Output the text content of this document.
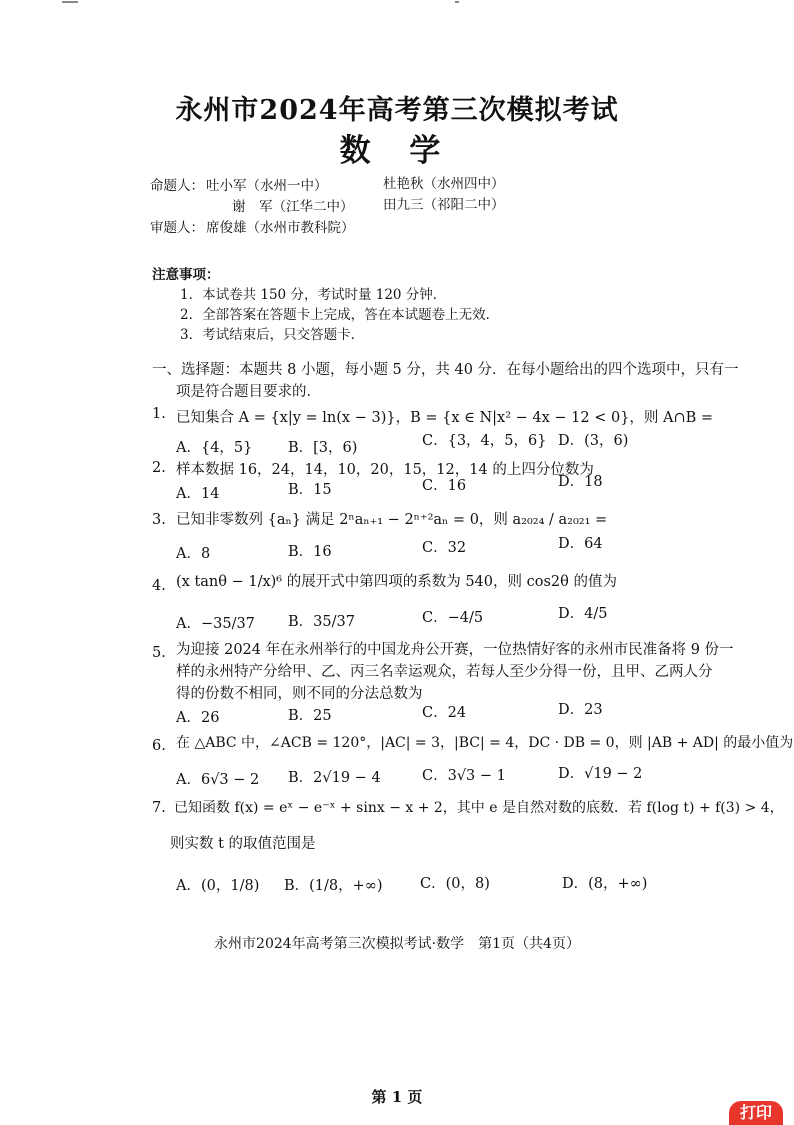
永州市2024年高考第三次模拟考试
数 学
命题人： 吐小军（水州一中）	杜艳秋（水州四中）
谢　军（江华二中） 田九三（祁阳二中）
审题人： 席俊雄（水州市教科院）
注意事项：
1．本试卷共 150 分，考试时量 120 分钟．
2．全部答案在答题卡上完成，答在本试题卷上无效．
3．考试结束后，只交答题卡．
一、选择题：本题共 8 小题，每小题 5 分，共 40 分．在每小题给出的四个选项中，只有一
项是符合题目要求的．
1. 已知集合 A = {x|y = ln(x − 3)}，B = {x ∈ N|x² − 4x − 12 < 0}，则 A∩B =
A．{4，5} B．[3，6)	C．{3，4，5，6} D．(3，6)
2. 样本数据 16，24，14，10，20，15，12，14 的上四分位数为
A．14	B．15	C．16	D．18
3. 已知非零数列 {aₙ} 满足 2ⁿaₙ₊₁ − 2ⁿ⁺²aₙ = 0，则 a₂₀₂₄ / a₂₀₂₁ =
A．8	B．16	C．32	D．64
4. (x tanθ − 1/x)⁶ 的展开式中第四项的系数为 540，则 cos2θ 的值为
A．−35/37 B．35/37	C．−4/5	D．4/5
5. 为迎接 2024 年在永州举行的中国龙舟公开赛，一位热情好客的永州市民准备将 9 份一
样的永州特产分给甲、乙、丙三名幸运观众，若每人至少分得一份，且甲、乙两人分
得的份数不相同，则不同的分法总数为
A．26	B．25	C．24	D．23
6. 在 △ABC 中，∠ACB = 120°，|AC| = 3，|BC| = 4，DC · DB = 0，则 |AB + AD| 的最小值为
A．6√3 − 2 B．2√19 − 4	C．3√3 − 1	D．√19 − 2
7. 已知函数 f(x) = eˣ − e⁻ˣ + sinx − x + 2，其中 e 是自然对数的底数．若 f(log t) + f(3) > 4，
则实数 t 的取值范围是
A．(0，1/8) B．(1/8，+∞)	C．(0，8)	D．(8，+∞)
永州市2024年高考第三次模拟考试·数学　第1页（共4页）
第 1 页
打印
